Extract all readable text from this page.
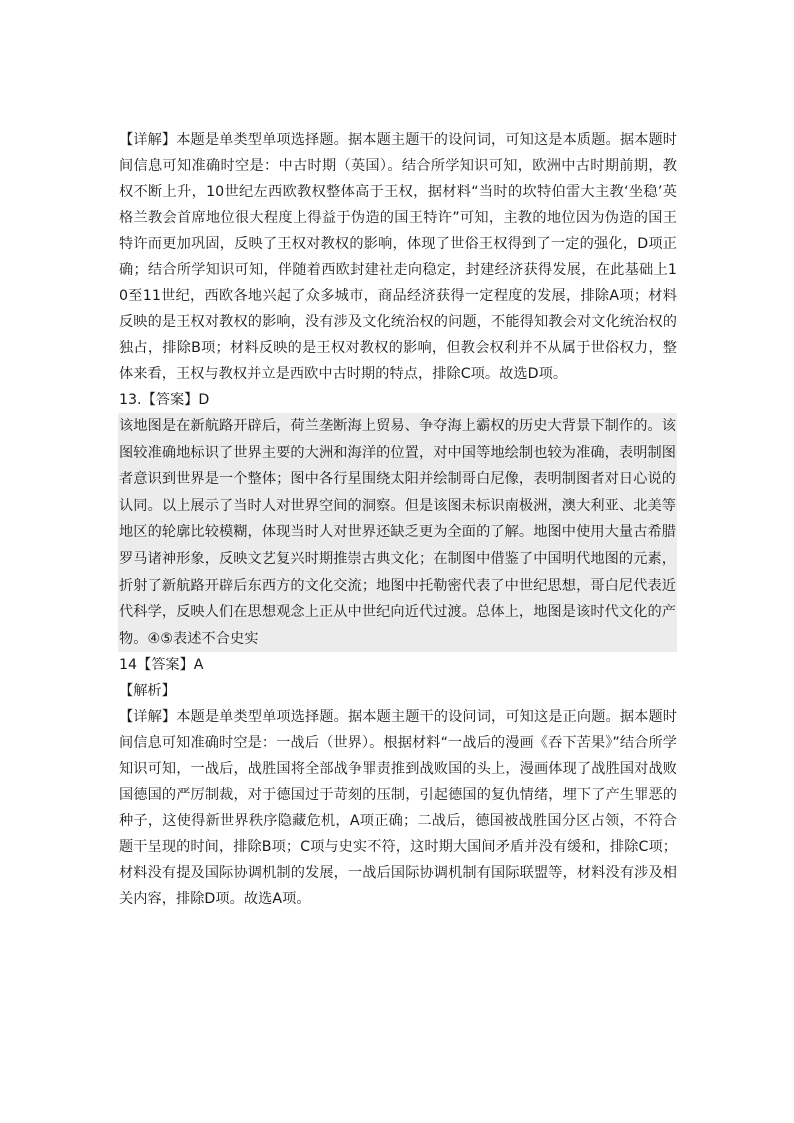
【详解】本题是单类型单项选择题。据本题主题干的设问词，可知这是本质题。据本题时间信息可知准确时空是：中古时期（英国）。结合所学知识可知，欧洲中古时期前期，教权不断上升，10世纪左西欧教权整体高于王权，据材料“当时的坎特伯雷大主教‘坐稳’英格兰教会首席地位很大程度上得益于伪造的国王特许”可知，主教的地位因为伪造的国王特许而更加巩固，反映了王权对教权的影响，体现了世俗王权得到了一定的强化，D项正确；结合所学知识可知，伴随着西欧封建社走向稳定，封建经济获得发展，在此基础上10至11世纪，西欧各地兴起了众多城市，商品经济获得一定程度的发展，排除A项；材料反映的是王权对教权的影响，没有涉及文化统治权的问题，不能得知教会对文化统治权的独占，排除B项；材料反映的是王权对教权的影响，但教会权利并不从属于世俗权力，整体来看，王权与教权并立是西欧中古时期的特点，排除C项。故选D项。

13.【答案】D

该地图是在新航路开辟后，荷兰垄断海上贸易、争夺海上霸权的历史大背景下制作的。该图较准确地标识了世界主要的大洲和海洋的位置，对中国等地绘制也较为准确，表明制图者意识到世界是一个整体；图中各行星围绕太阳并绘制哥白尼像，表明制图者对日心说的认同。以上展示了当时人对世界空间的洞察。但是该图未标识南极洲，澳大利亚、北美等地区的轮廓比较模糊，体现当时人对世界还缺乏更为全面的了解。地图中使用大量古希腊罗马诸神形象，反映文艺复兴时期推崇古典文化；在制图中借鉴了中国明代地图的元素，折射了新航路开辟后东西方的文化交流；地图中托勒密代表了中世纪思想，哥白尼代表近代科学，反映人们在思想观念上正从中世纪向近代过渡。总体上，地图是该时代文化的产物。④⑤表述不合史实

14【答案】A

【解析】

【详解】本题是单类型单项选择题。据本题主题干的设问词，可知这是正向题。据本题时间信息可知准确时空是：一战后（世界）。根据材料“一战后的漫画《吞下苦果》”结合所学知识可知，一战后，战胜国将全部战争罪责推到战败国的头上，漫画体现了战胜国对战败国德国的严厉制裁，对于德国过于苛刻的压制，引起德国的复仇情绪，埋下了产生罪恶的种子，这使得新世界秩序隐藏危机，A项正确；二战后，德国被战胜国分区占领，不符合题干呈现的时间，排除B项；C项与史实不符，这时期大国间矛盾并没有缓和，排除C项；材料没有提及国际协调机制的发展，一战后国际协调机制有国际联盟等，材料没有涉及相关内容，排除D项。故选A项。
